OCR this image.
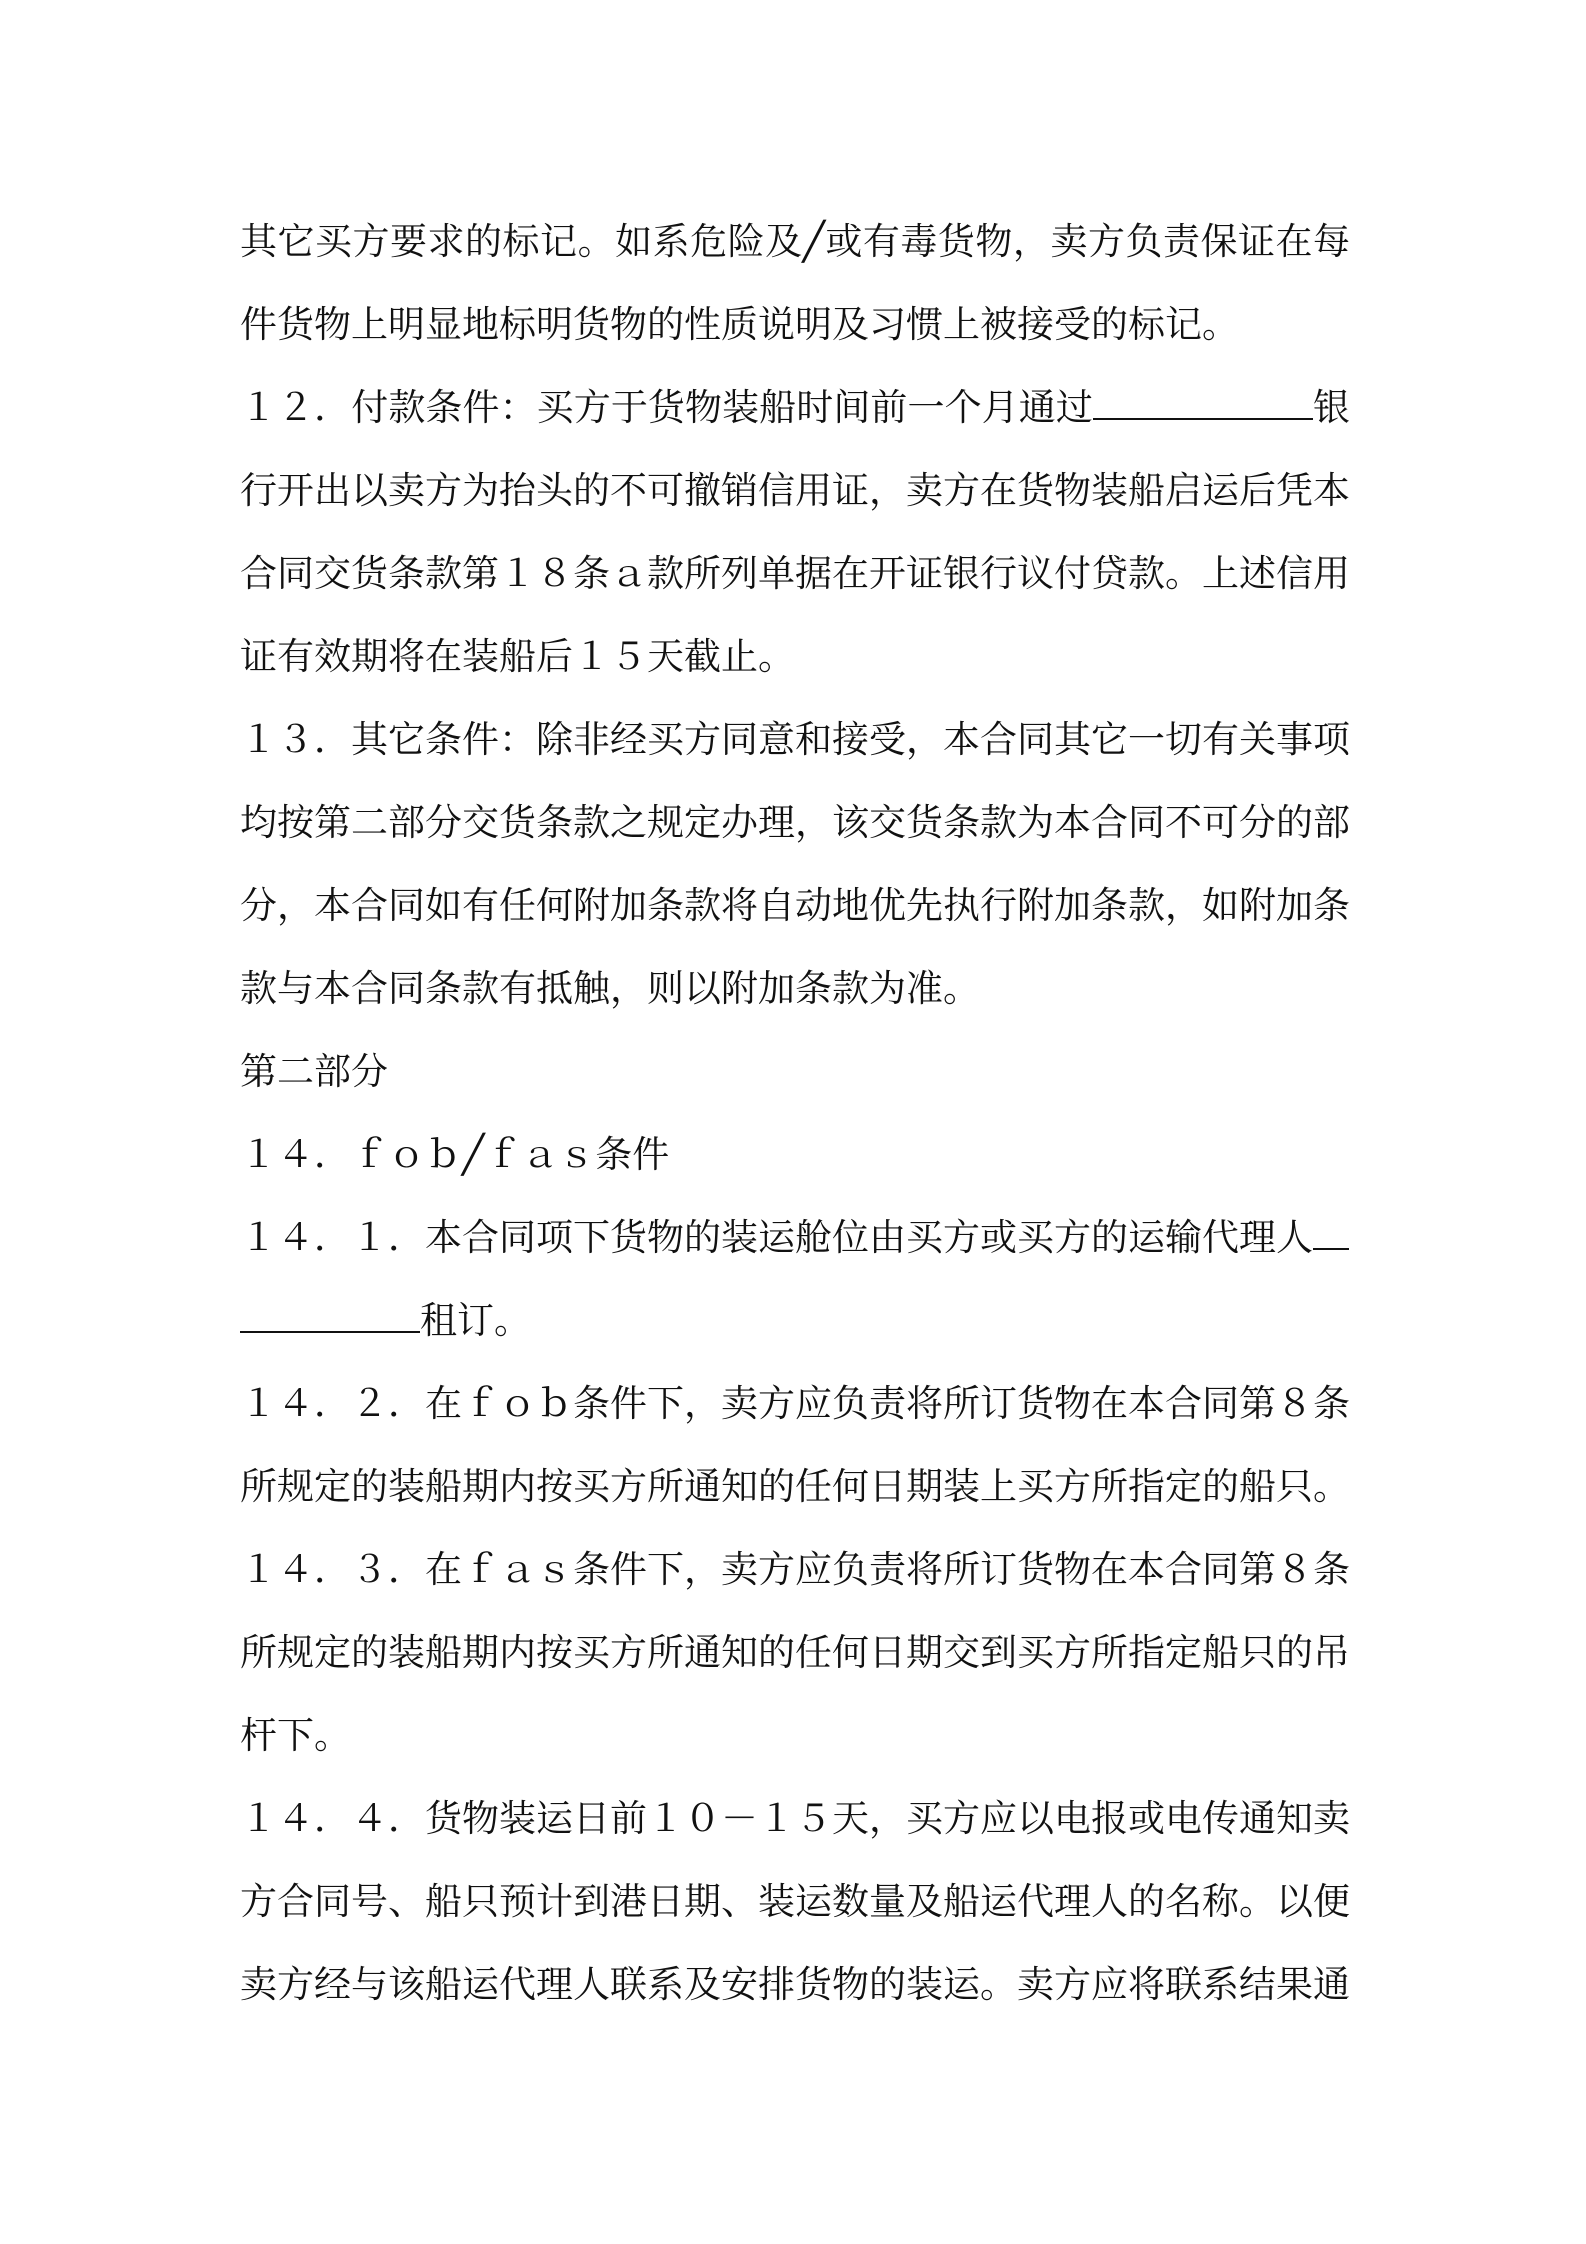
其它买方要求的标记。如系危险及╱或有毒货物，卖方负责保证在每件货物上明显地标明货物的性质说明及习惯上被接受的标记。

１２．付款条件：买方于货物装船时间前一个月通过	银行开出以卖方为抬头的不可撤销信用证，卖方在货物装船启运后凭本合同交货条款第１８条ａ款所列单据在开证银行议付贷款。上述信用证有效期将在装船后１５天截止。

１３．其它条件：除非经买方同意和接受，本合同其它一切有关事项均按第二部分交货条款之规定办理，该交货条款为本合同不可分的部分，本合同如有任何附加条款将自动地优先执行附加条款，如附加条款与本合同条款有抵触，则以附加条款为准。

第二部分

１４．ｆｏｂ╱ｆａｓ条件

１４．１．本合同项下货物的装运舱位由买方或买方的运输代理人
租订。

１４．２．在ｆｏｂ条件下，卖方应负责将所订货物在本合同第８条所规定的装船期内按买方所通知的任何日期装上买方所指定的船只。

１４．３．在ｆａｓ条件下，卖方应负责将所订货物在本合同第８条所规定的装船期内按买方所通知的任何日期交到买方所指定船只的吊杆下。

１４．４．货物装运日前１０－１５天，买方应以电报或电传通知卖方合同号、船只预计到港日期、装运数量及船运代理人的名称。以便卖方经与该船运代理人联系及安排货物的装运。卖方应将联系结果通
